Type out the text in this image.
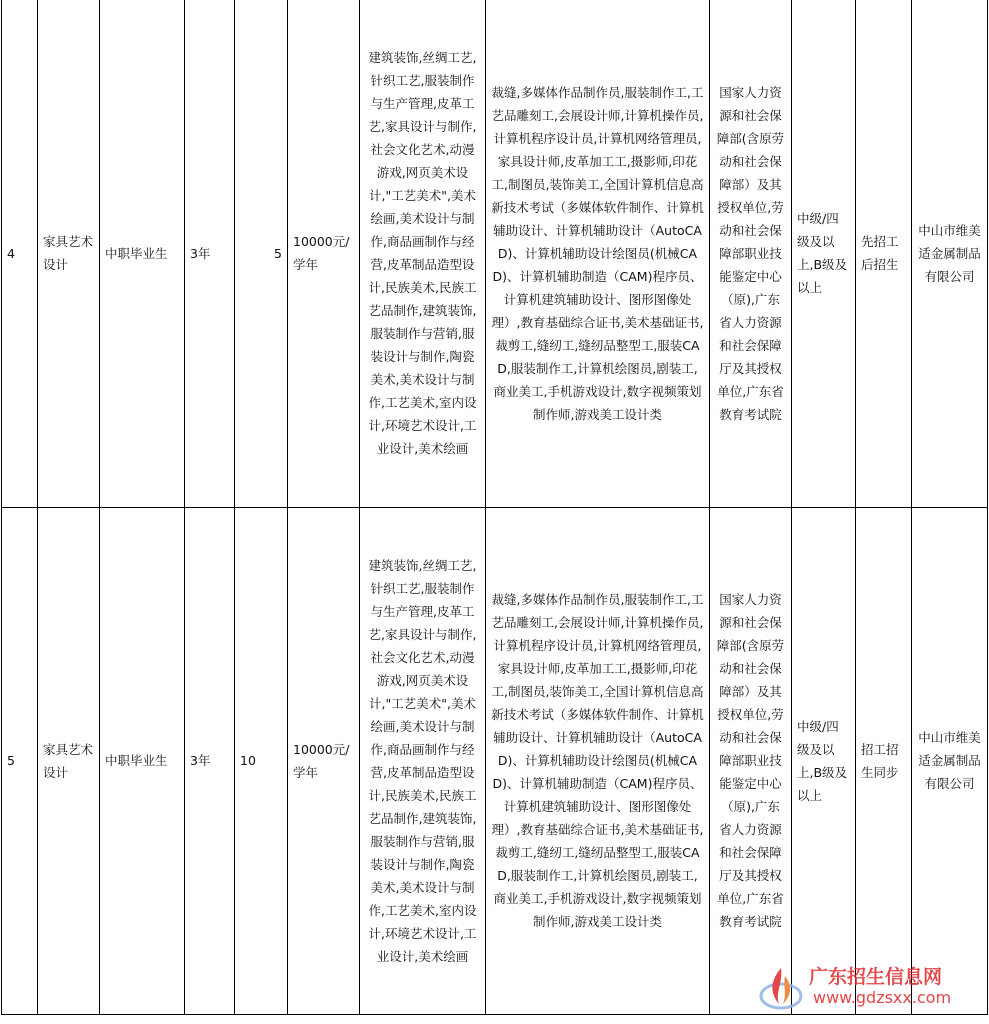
4	家具艺术设计	中职毕业生	3年	5	10000元/学年	建筑装饰,丝绸工艺,针织工艺,服装制作与生产管理,皮革工艺,家具设计与制作,社会文化艺术,动漫游戏,网页美术设计,"工艺美术",美术绘画,美术设计与制作,商品画制作与经营,皮革制品造型设计,民族美术,民族工艺品制作,建筑装饰,服装制作与营销,服装设计与制作,陶瓷美术,美术设计与制作,工艺美术,室内设计,环境艺术设计,工业设计,美术绘画	裁缝,多媒体作品制作员,服装制作工,工艺品雕刻工,会展设计师,计算机操作员,计算机程序设计员,计算机网络管理员,家具设计师,皮革加工工,摄影师,印花工,制图员,装饰美工,全国计算机信息高新技术考试（多媒体软件制作、计算机辅助设计、计算机辅助设计（AutoCAD)、计算机辅助设计绘图员(机械CAD)、计算机辅助制造（CAM)程序员、计算机建筑辅助设计、图形图像处理）,教育基础综合证书,美术基础证书,裁剪工,缝纫工,缝纫品整型工,服装CAD,服装制作工,计算机绘图员,剧装工,商业美工,手机游戏设计,数字视频策划制作师,游戏美工设计类	国家人力资源和社会保障部(含原劳动和社会保障部）及其授权单位,劳动和社会保障部职业技能鉴定中心（原),广东省人力资源和社会保障厅及其授权单位,广东省教育考试院	中级/四级及以上,B级及以上	先招工后招生	中山市维美适金属制品有限公司
5	家具艺术设计	中职毕业生	3年	10	10000元/学年	建筑装饰,丝绸工艺,针织工艺,服装制作与生产管理,皮革工艺,家具设计与制作,社会文化艺术,动漫游戏,网页美术设计,"工艺美术",美术绘画,美术设计与制作,商品画制作与经营,皮革制品造型设计,民族美术,民族工艺品制作,建筑装饰,服装制作与营销,服装设计与制作,陶瓷美术,美术设计与制作,工艺美术,室内设计,环境艺术设计,工业设计,美术绘画	裁缝,多媒体作品制作员,服装制作工,工艺品雕刻工,会展设计师,计算机操作员,计算机程序设计员,计算机网络管理员,家具设计师,皮革加工工,摄影师,印花工,制图员,装饰美工,全国计算机信息高新技术考试（多媒体软件制作、计算机辅助设计、计算机辅助设计（AutoCAD)、计算机辅助设计绘图员(机械CAD)、计算机辅助制造（CAM)程序员、计算机建筑辅助设计、图形图像处理）,教育基础综合证书,美术基础证书,裁剪工,缝纫工,缝纫品整型工,服装CAD,服装制作工,计算机绘图员,剧装工,商业美工,手机游戏设计,数字视频策划制作师,游戏美工设计类	国家人力资源和社会保障部(含原劳动和社会保障部）及其授权单位,劳动和社会保障部职业技能鉴定中心（原),广东省人力资源和社会保障厅及其授权单位,广东省教育考试院	中级/四级及以上,B级及以上	招工招生同步	中山市维美适金属制品有限公司
广东招生信息网
www.gdzsxx.com
